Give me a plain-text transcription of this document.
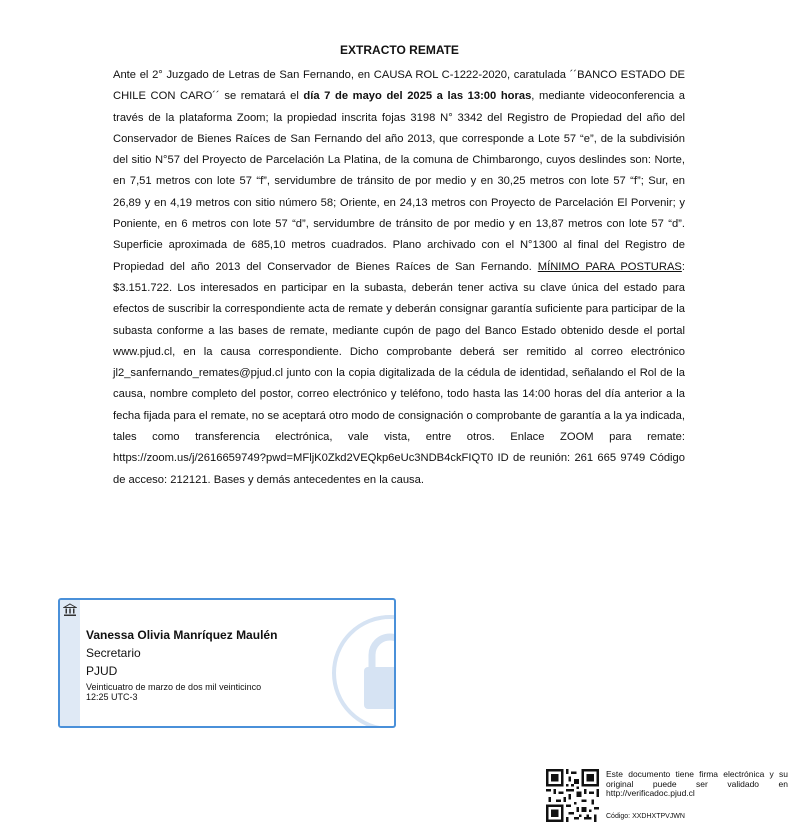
EXTRACTO REMATE
Ante el 2° Juzgado de Letras de San Fernando, en CAUSA ROL C-1222-2020, caratulada ´´BANCO ESTADO DE CHILE CON CARO´´ se rematará el día 7 de mayo del 2025 a las 13:00 horas, mediante videoconferencia a través de la plataforma Zoom; la propiedad inscrita fojas 3198 N° 3342 del Registro de Propiedad del año del Conservador de Bienes Raíces de San Fernando del año 2013, que corresponde a Lote 57 “e”, de la subdivisión del sitio N°57 del Proyecto de Parcelación La Platina, de la comuna de Chimbarongo, cuyos deslindes son: Norte, en 7,51 metros con lote 57 “f”, servidumbre de tránsito de por medio y en 30,25 metros con lote 57 “f”; Sur, en 26,89 y en 4,19 metros con sitio número 58; Oriente, en 24,13 metros con Proyecto de Parcelación El Porvenir; y Poniente, en 6 metros con lote 57 “d”, servidumbre de tránsito de por medio y en 13,87 metros con lote 57 “d”. Superficie aproximada de 685,10 metros cuadrados. Plano archivado con el N°1300 al final del Registro de Propiedad del año 2013 del Conservador de Bienes Raíces de San Fernando. MÍNIMO PARA POSTURAS: $3.151.722. Los interesados en participar en la subasta, deberán tener activa su clave única del estado para efectos de suscribir la correspondiente acta de remate y deberán consignar garantía suficiente para participar de la subasta conforme a las bases de remate, mediante cupón de pago del Banco Estado obtenido desde el portal www.pjud.cl, en la causa correspondiente. Dicho comprobante deberá ser remitido al correo electrónico jl2_sanfernando_remates@pjud.cl junto con la copia digitalizada de la cédula de identidad, señalando el Rol de la causa, nombre completo del postor, correo electrónico y teléfono, todo hasta las 14:00 horas del día anterior a la fecha fijada para el remate, no se aceptará otro modo de consignación o comprobante de garantía a la ya indicada, tales como transferencia electrónica, vale vista, entre otros. Enlace ZOOM para remate: https://zoom.us/j/2616659749?pwd=MFljK0Zkd2VEQkp6eUc3NDB4ckFIQT0 ID de reunión: 261 665 9749 Código de acceso: 212121. Bases y demás antecedentes en la causa.
Vanessa Olivia Manríquez Maulén
Secretario
PJUD
Veinticuatro de marzo de dos mil veinticinco
12:25 UTC-3
Este documento tiene firma electrónica y su original puede ser validado en http://verificadoc.pjud.cl
Código: XXDHXTPVJWN
